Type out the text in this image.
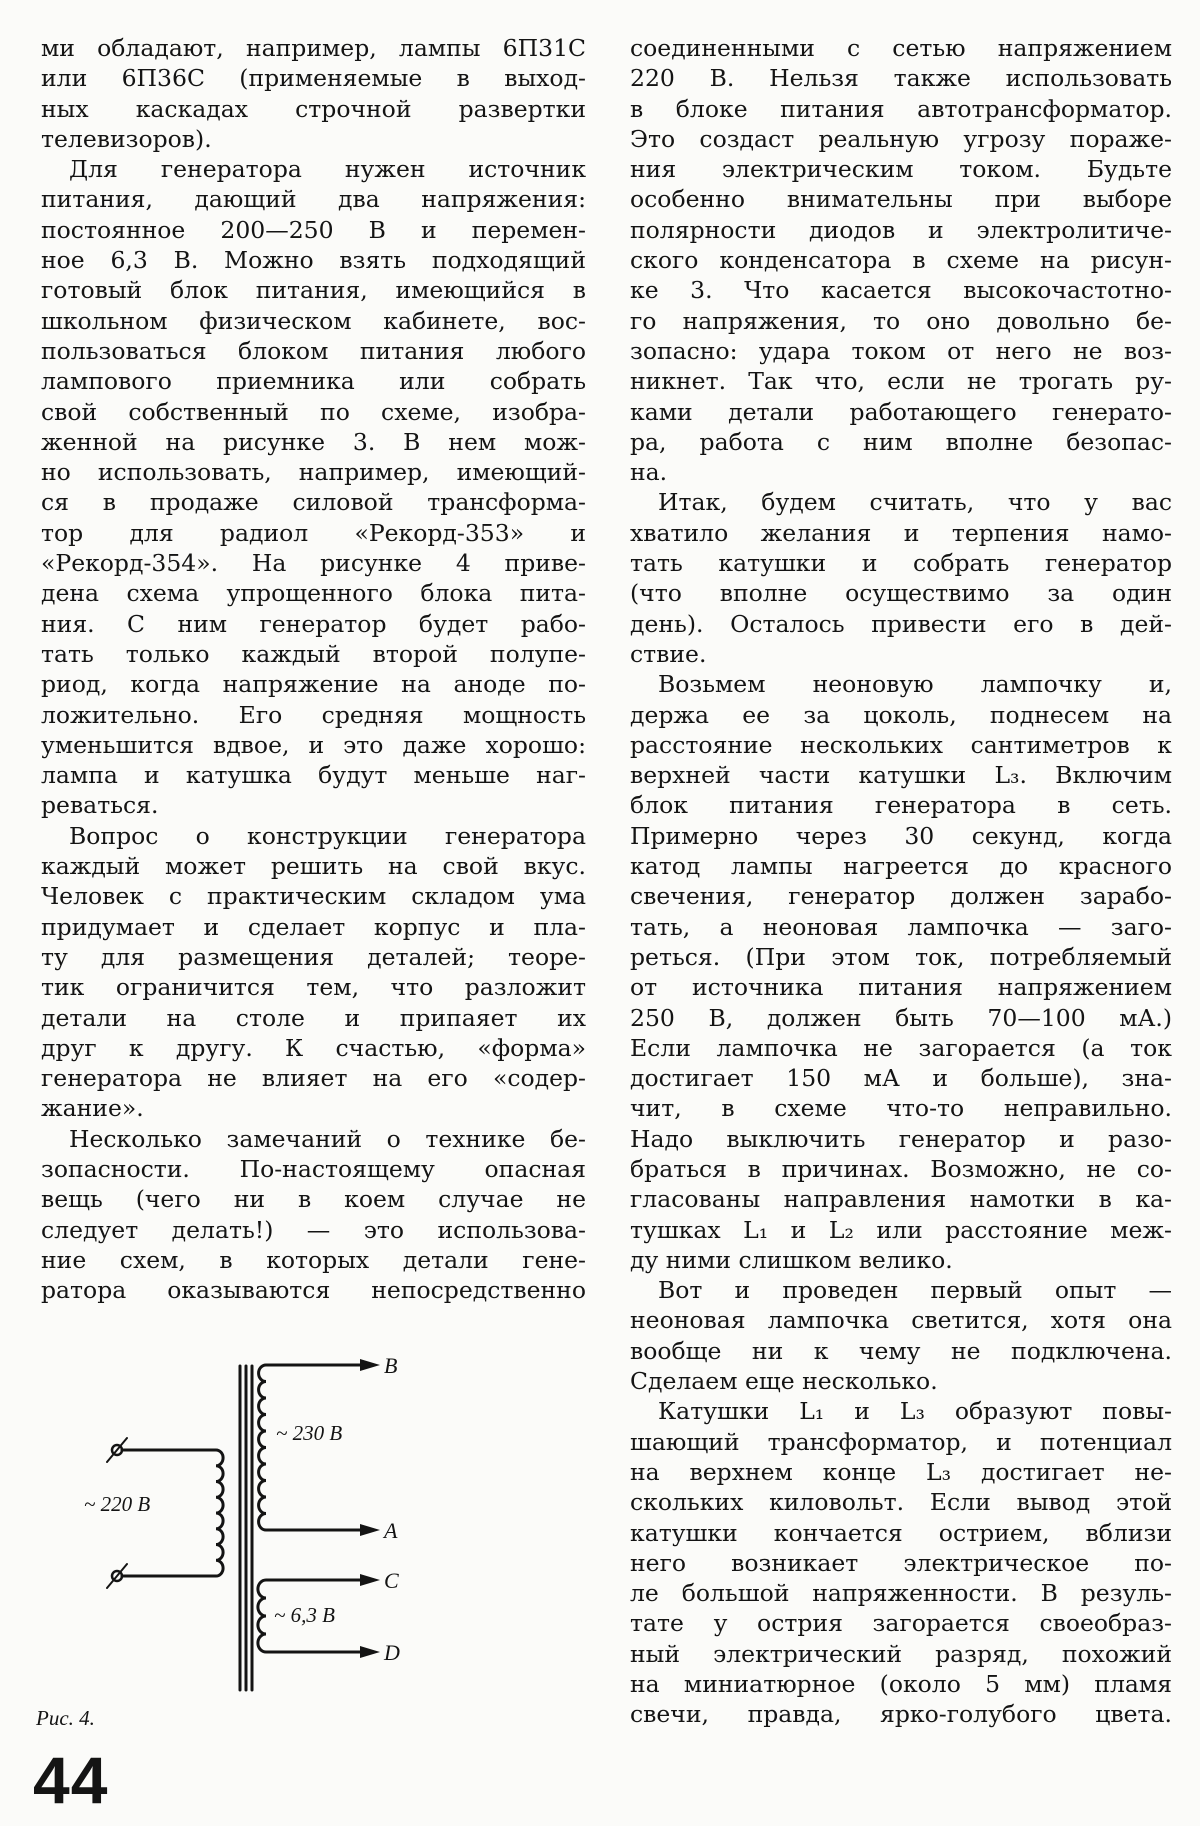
ми обладают, например, лампы 6П31С
или 6П36С (применяемые в выход-
ных каскадах строчной развертки
телевизоров).
Для генератора нужен источник
питания, дающий два напряжения:
постоянное 200—250 В и перемен-
ное 6,3 В. Можно взять подходящий
готовый блок питания, имеющийся в
школьном физическом кабинете, вос-
пользоваться блоком питания любого
лампового приемника или собрать
свой собственный по схеме, изобра-
женной на рисунке 3. В нем мож-
но использовать, например, имеющий-
ся в продаже силовой трансформа-
тор для радиол «Рекорд-353» и
«Рекорд-354». На рисунке 4 приве-
дена схема упрощенного блока пита-
ния. С ним генератор будет рабо-
тать только каждый второй полупе-
риод, когда напряжение на аноде по-
ложительно. Его средняя мощность
уменьшится вдвое, и это даже хорошо:
лампа и катушка будут меньше наг-
реваться.
Вопрос о конструкции генератора
каждый может решить на свой вкус.
Человек с практическим складом ума
придумает и сделает корпус и пла-
ту для размещения деталей; теоре-
тик ограничится тем, что разложит
детали на столе и припаяет их
друг к другу. К счастью, «форма»
генератора не влияет на его «содер-
жание».
Несколько замечаний о технике бе-
зопасности. По-настоящему опасная
вещь (чего ни в коем случае не
следует делать!) — это использова-
ние схем, в которых детали гене-
ратора оказываются непосредственно
соединенными с сетью напряжением
220 В. Нельзя также использовать
в блоке питания автотрансформатор.
Это создаст реальную угрозу пораже-
ния электрическим током. Будьте
особенно внимательны при выборе
полярности диодов и электролитиче-
ского конденсатора в схеме на рисун-
ке 3. Что касается высокочастотно-
го напряжения, то оно довольно бе-
зопасно: удара током от него не воз-
никнет. Так что, если не трогать ру-
ками детали работающего генерато-
ра, работа с ним вполне безопас-
на.
Итак, будем считать, что у вас
хватило желания и терпения намо-
тать катушки и собрать генератор
(что вполне осуществимо за один
день). Осталось привести его в дей-
ствие.
Возьмем неоновую лампочку и,
держа ее за цоколь, поднесем на
расстояние нескольких сантиметров к
верхней части катушки L₃. Включим
блок питания генератора в сеть.
Примерно через 30 секунд, когда
катод лампы нагреется до красного
свечения, генератор должен зарабо-
тать, а неоновая лампочка — заго-
реться. (При этом ток, потребляемый
от источника питания напряжением
250 В, должен быть 70—100 мА.)
Если лампочка не загорается (а ток
достигает 150 мА и больше), зна-
чит, в схеме что-то неправильно.
Надо выключить генератор и разо-
браться в причинах. Возможно, не со-
гласованы направления намотки в ка-
тушках L₁ и L₂ или расстояние меж-
ду ними слишком велико.
Вот и проведен первый опыт —
неоновая лампочка светится, хотя она
вообще ни к чему не подключена.
Сделаем еще несколько.
Катушки L₁ и L₃ образуют повы-
шающий трансформатор, и потенциал
на верхнем конце L₃ достигает не-
скольких киловольт. Если вывод этой
катушки кончается острием, вблизи
него возникает электрическое по-
ле большой напряженности. В резуль-
тате у острия загорается своеобраз-
ный электрический разряд, похожий
на миниатюрное (около 5 мм) пламя
свечи, правда, ярко-голубого цвета.
B
A
C
D
~ 220 В
~ 230 В
~ 6,3 В
Рис. 4.
44
